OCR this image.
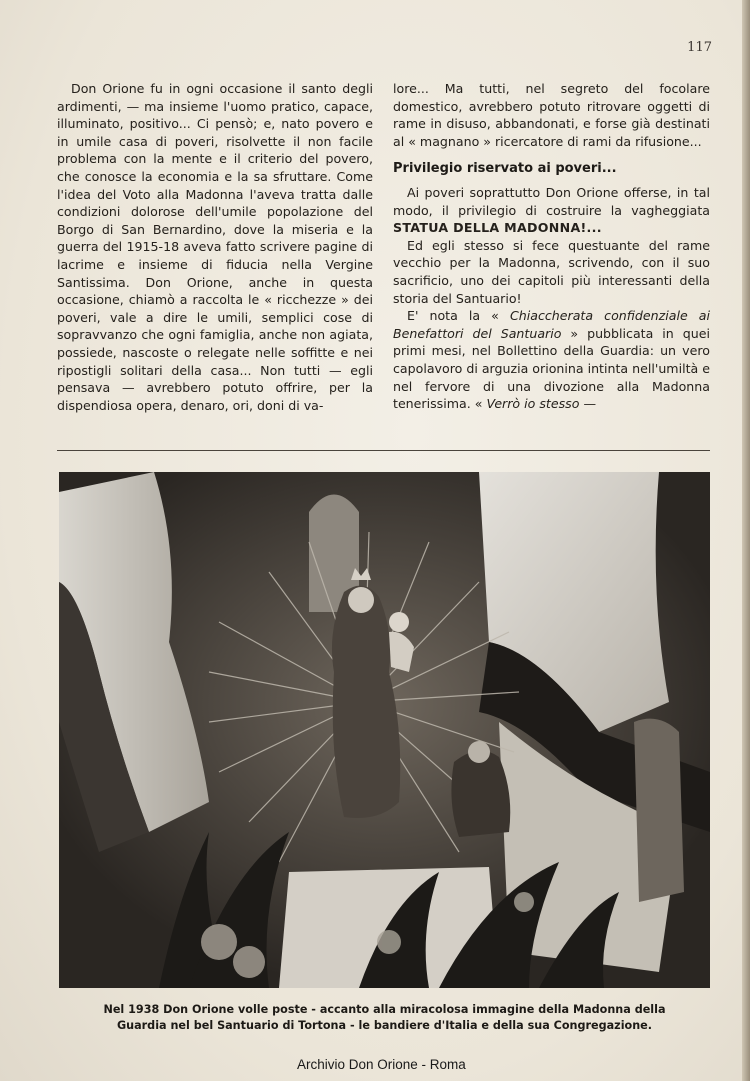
117

Don Orione fu in ogni occasione il santo degli ardimenti, — ma insieme l'uomo pratico, capace, illuminato, positivo... Ci pensò; e, nato povero e in umile casa di poveri, risolvette il non facile problema con la mente e il criterio del povero, che conosce la economia e la sa sfruttare. Come l'idea del Voto alla Madonna l'aveva tratta dalle condizioni dolorose dell'umile popolazione del Borgo di San Bernardino, dove la miseria e la guerra del 1915-18 aveva fatto scrivere pagine di lacrime e insieme di fiducia nella Vergine Santissima. Don Orione, anche in questa occasione, chiamò a raccolta le « ricchezze » dei poveri, vale a dire le umili, semplici cose di sopravvanzo che ogni famiglia, anche non agiata, possiede, nascoste o relegate nelle soffitte e nei ripostigli solitari della casa... Non tutti — egli pensava — avrebbero potuto offrire, per la dispendiosa opera, denaro, ori, doni di va-

lore... Ma tutti, nel segreto del focolare domestico, avrebbero potuto ritrovare oggetti di rame in disuso, abbandonati, e forse già destinati al « magnano » ricercatore di rami da rifusione...

Privilegio riservato ai poveri...

Ai poveri soprattutto Don Orione offerse, in tal modo, il privilegio di costruire la vagheggiata STATUA DELLA MADONNA!...

Ed egli stesso si fece questuante del rame vecchio per la Madonna, scrivendo, con il suo sacrificio, uno dei capitoli più interessanti della storia del Santuario!

E' nota la « Chiaccherata confidenziale ai Benefattori del Santuario » pubblicata in quei primi mesi, nel Bollettino della Guardia: un vero capolavoro di arguzia orionina intinta nell'umiltà e nel fervore di una divozione alla Madonna tenerissima. « Verrò io stesso —

Nel 1938 Don Orione volle poste - accanto alla miracolosa immagine della Madonna della
Guardia nel bel Santuario di Tortona - le bandiere d'Italia e della sua Congregazione.
Archivio Don Orione - Roma
